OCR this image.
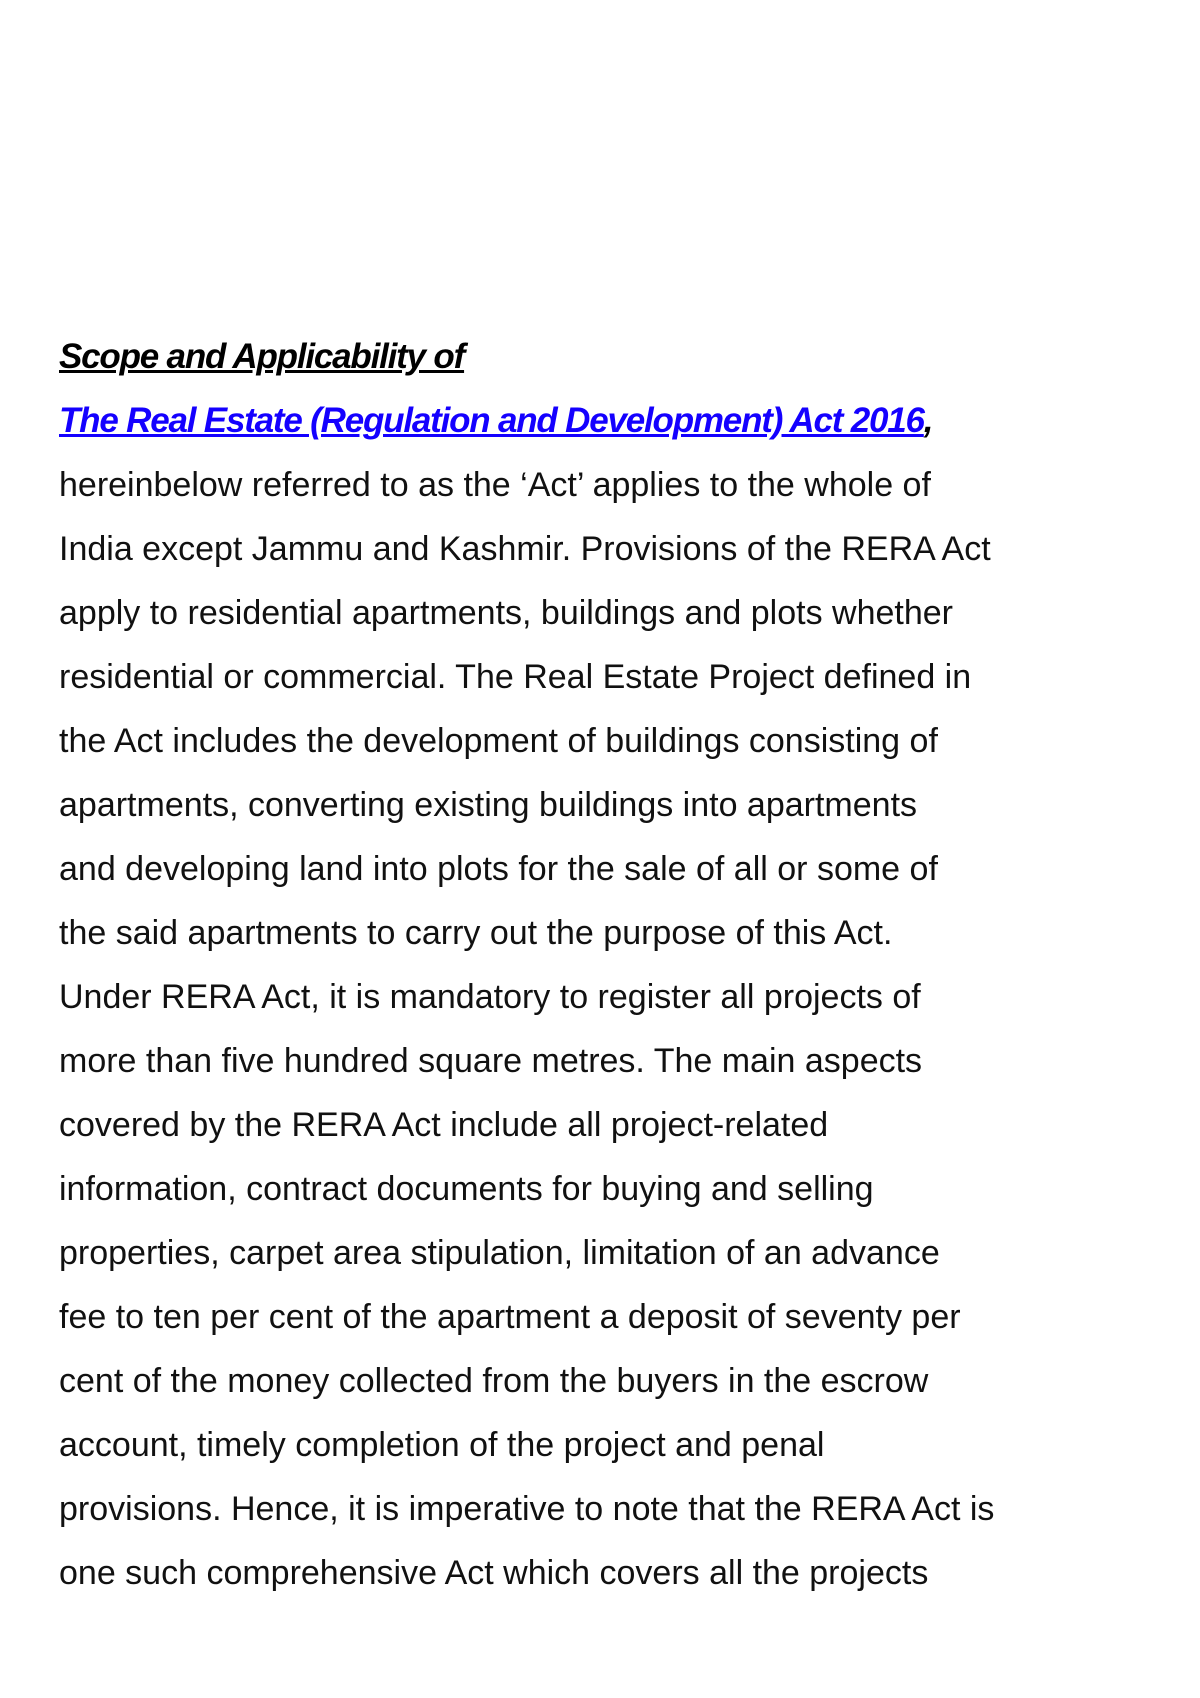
Scope and Applicability of

The Real Estate (Regulation and Development) Act 2016,

hereinbelow referred to as the ‘Act’ applies to the whole of

India except Jammu and Kashmir. Provisions of the RERA Act

apply to residential apartments, buildings and plots whether

residential or commercial. The Real Estate Project defined in

the Act includes the development of buildings consisting of

apartments, converting existing buildings into apartments

and developing land into plots for the sale of all or some of

the said apartments to carry out the purpose of this Act.

Under RERA Act, it is mandatory to register all projects of

more than five hundred square metres. The main aspects

covered by the RERA Act include all project-related

information, contract documents for buying and selling

properties, carpet area stipulation, limitation of an advance

fee to ten per cent of the apartment a deposit of seventy per

cent of the money collected from the buyers in the escrow

account, timely completion of the project and penal

provisions. Hence, it is imperative to note that the RERA Act is

one such comprehensive Act which covers all the projects
